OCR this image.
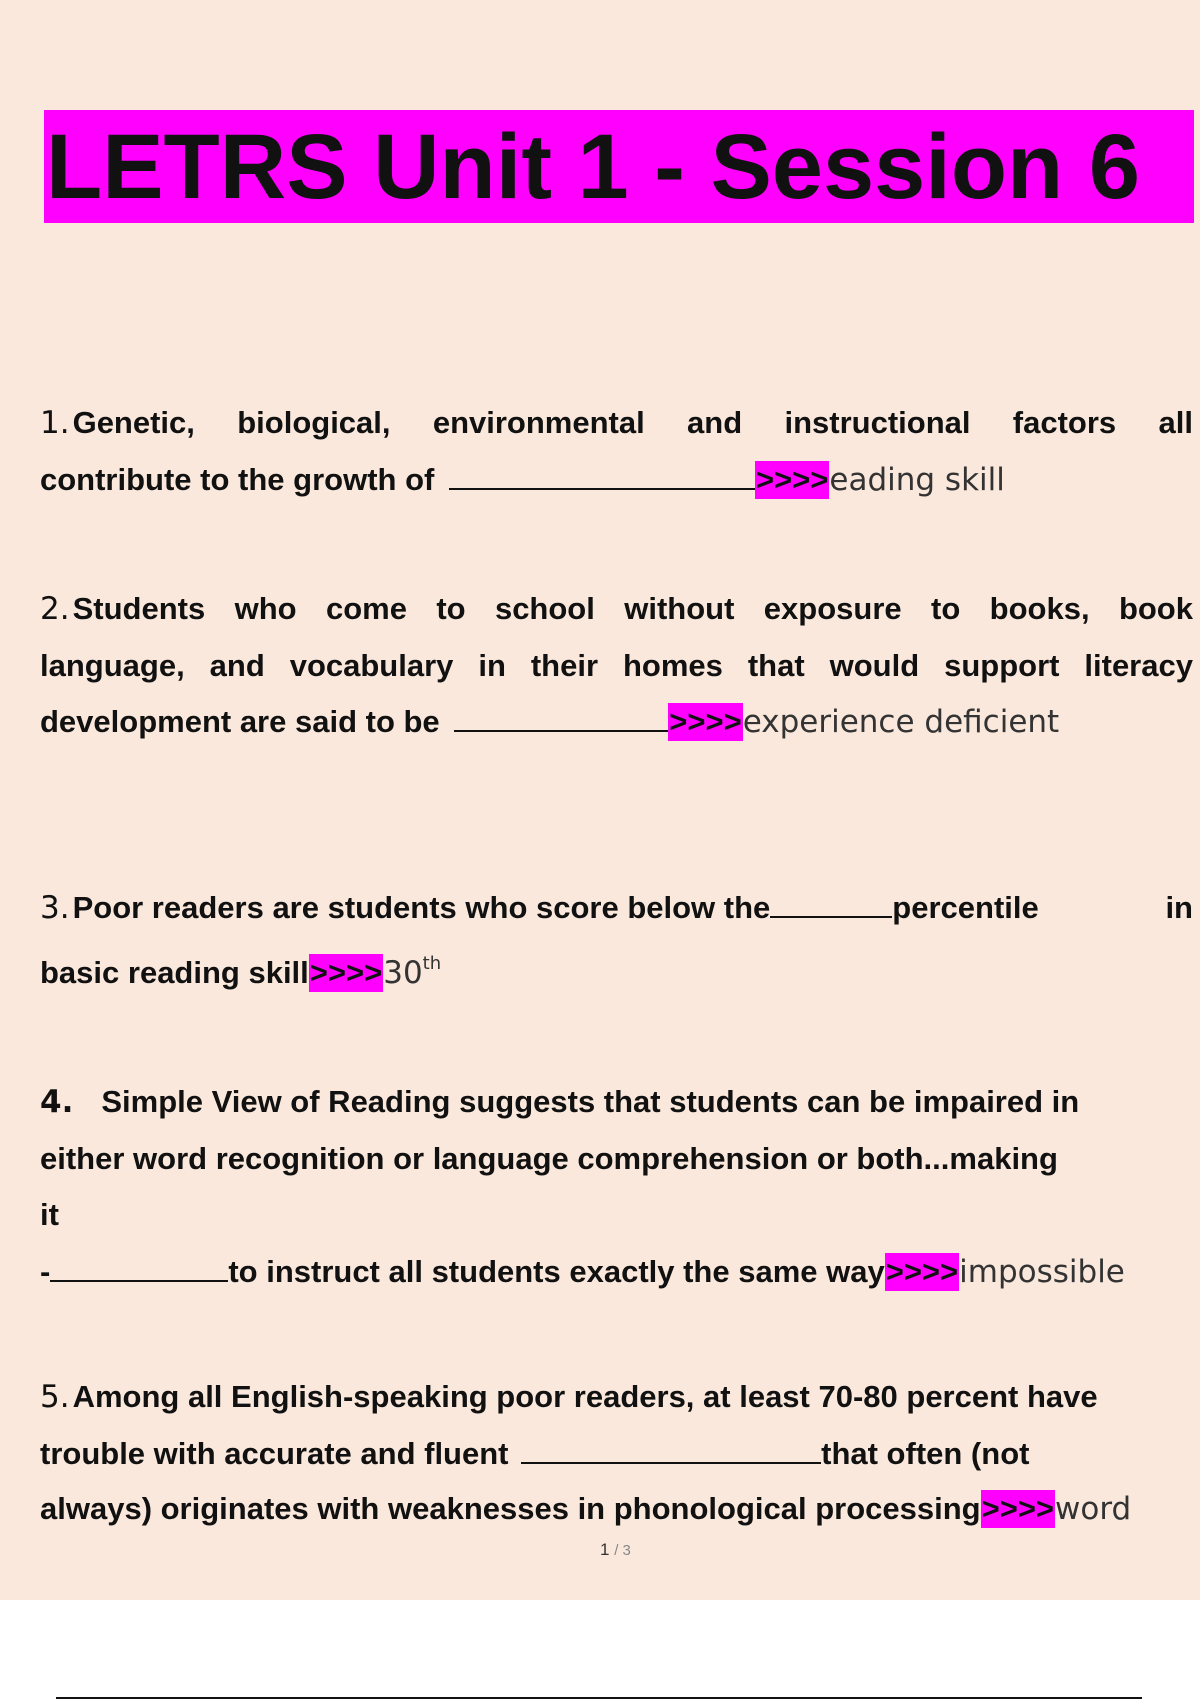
LETRS Unit 1 - Session 6
1.Genetic, biological, environmental and instructional factors all
contribute to the growth of	>>>>eading skill
2.Students who come to school without exposure to books, book
language, and vocabulary in their homes that would support literacy
development are said to be	>>>>experience deficient
3.Poor readers are students who score below the	percentile	in
basic reading skill>>>>30th
4. Simple View of Reading suggests that students can be impaired in
either word recognition or language comprehension or both...making
it
-	to instruct all students exactly the same way>>>>impossible
5.Among all English-speaking poor readers, at least 70-80 percent have
trouble with accurate and fluent	that often (not
always) originates with weaknesses in phonological processing>>>>word
1 / 3
